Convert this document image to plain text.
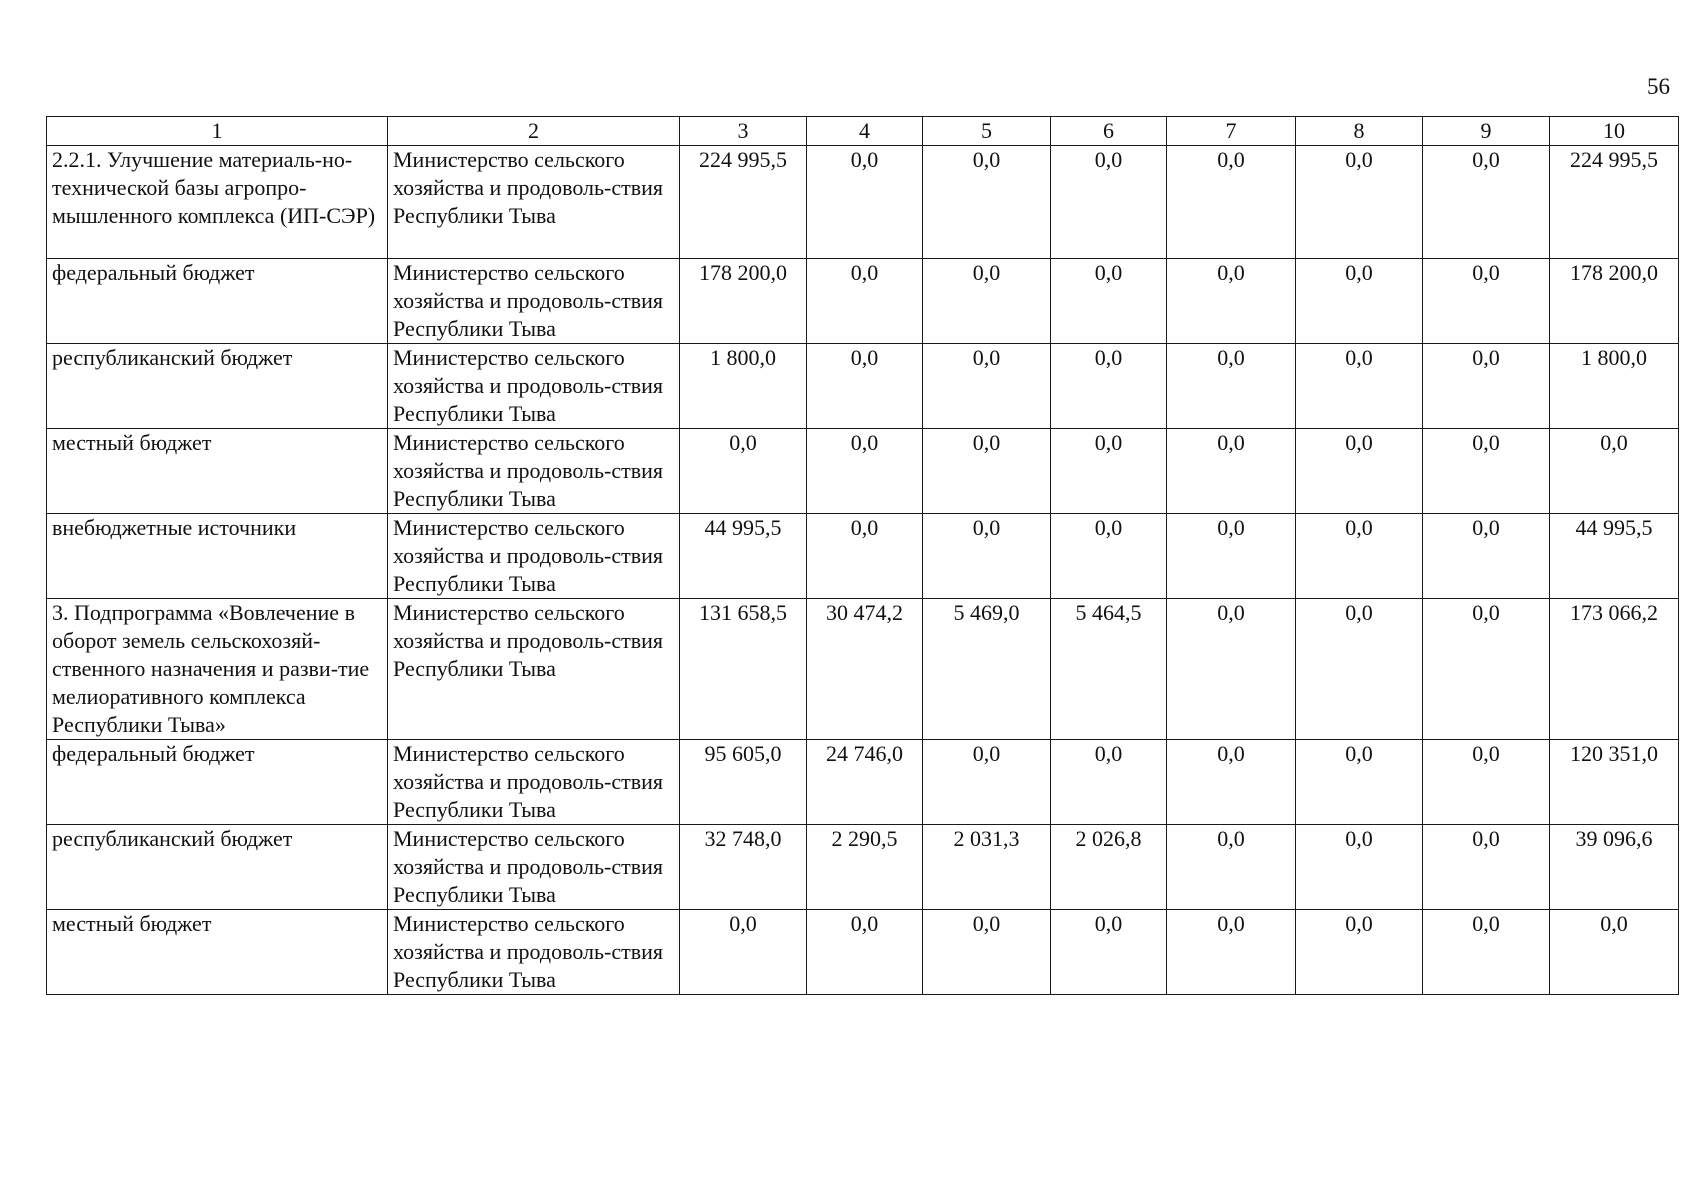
56
1	2	3	4	5	6	7	8	9	10
2.2.1. Улучшение материаль-но-технической базы агропро-мышленного комплекса (ИП-СЭР)	Министерство сельского хозяйства и продоволь-ствия Республики Тыва	224 995,5	0,0	0,0	0,0	0,0	0,0	0,0	224 995,5
федеральный бюджет	Министерство сельского хозяйства и продоволь-ствия Республики Тыва	178 200,0	0,0	0,0	0,0	0,0	0,0	0,0	178 200,0
республиканский бюджет	Министерство сельского хозяйства и продоволь-ствия Республики Тыва	1 800,0	0,0	0,0	0,0	0,0	0,0	0,0	1 800,0
местный бюджет	Министерство сельского хозяйства и продоволь-ствия Республики Тыва	0,0	0,0	0,0	0,0	0,0	0,0	0,0	0,0
внебюджетные источники	Министерство сельского хозяйства и продоволь-ствия Республики Тыва	44 995,5	0,0	0,0	0,0	0,0	0,0	0,0	44 995,5
3. Подпрограмма «Вовлечение в оборот земель сельскохозяй-ственного назначения и разви-тие мелиоративного комплекса Республики Тыва»	Министерство сельского хозяйства и продоволь-ствия Республики Тыва	131 658,5	30 474,2	5 469,0	5 464,5	0,0	0,0	0,0	173 066,2
федеральный бюджет	Министерство сельского хозяйства и продоволь-ствия Республики Тыва	95 605,0	24 746,0	0,0	0,0	0,0	0,0	0,0	120 351,0
республиканский бюджет	Министерство сельского хозяйства и продоволь-ствия Республики Тыва	32 748,0	2 290,5	2 031,3	2 026,8	0,0	0,0	0,0	39 096,6
местный бюджет	Министерство сельского хозяйства и продоволь-ствия Республики Тыва	0,0	0,0	0,0	0,0	0,0	0,0	0,0	0,0
